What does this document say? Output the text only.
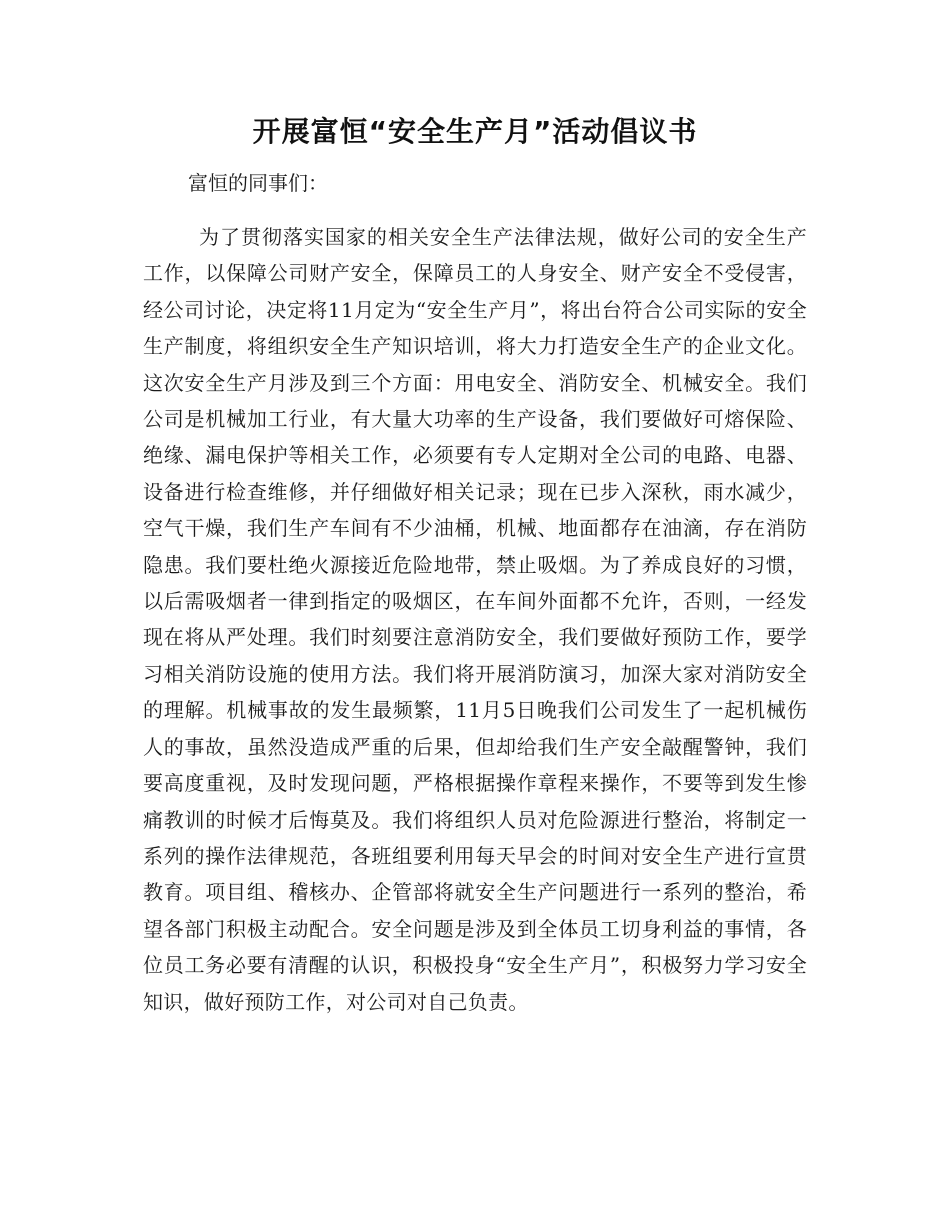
开展富恒“安全生产月”活动倡议书
富恒的同事们：

为了贯彻落实国家的相关安全生产法律法规，做好公司的安全生产工作，以保障公司财产安全，保障员工的人身安全、财产安全不受侵害，经公司讨论，决定将11月定为“安全生产月”，将出台符合公司实际的安全生产制度，将组织安全生产知识培训，将大力打造安全生产的企业文化。这次安全生产月涉及到三个方面：用电安全、消防安全、机械安全。我们公司是机械加工行业，有大量大功率的生产设备，我们要做好可熔保险、绝缘、漏电保护等相关工作，必须要有专人定期对全公司的电路、电器、设备进行检查维修，并仔细做好相关记录；现在已步入深秋，雨水减少，空气干燥，我们生产车间有不少油桶，机械、地面都存在油滴，存在消防隐患。我们要杜绝火源接近危险地带，禁止吸烟。为了养成良好的习惯，以后需吸烟者一律到指定的吸烟区，在车间外面都不允许，否则，一经发现在将从严处理。我们时刻要注意消防安全，我们要做好预防工作，要学习相关消防设施的使用方法。我们将开展消防演习，加深大家对消防安全的理解。机械事故的发生最频繁，11月5日晚我们公司发生了一起机械伤人的事故，虽然没造成严重的后果，但却给我们生产安全敲醒警钟，我们要高度重视，及时发现问题，严格根据操作章程来操作，不要等到发生惨痛教训的时候才后悔莫及。我们将组织人员对危险源进行整治，将制定一系列的操作法律规范，各班组要利用每天早会的时间对安全生产进行宣贯教育。项目组、稽核办、企管部将就安全生产问题进行一系列的整治，希望各部门积极主动配合。安全问题是涉及到全体员工切身利益的事情，各位员工务必要有清醒的认识，积极投身“安全生产月”，积极努力学习安全知识，做好预防工作，对公司对自己负责。
